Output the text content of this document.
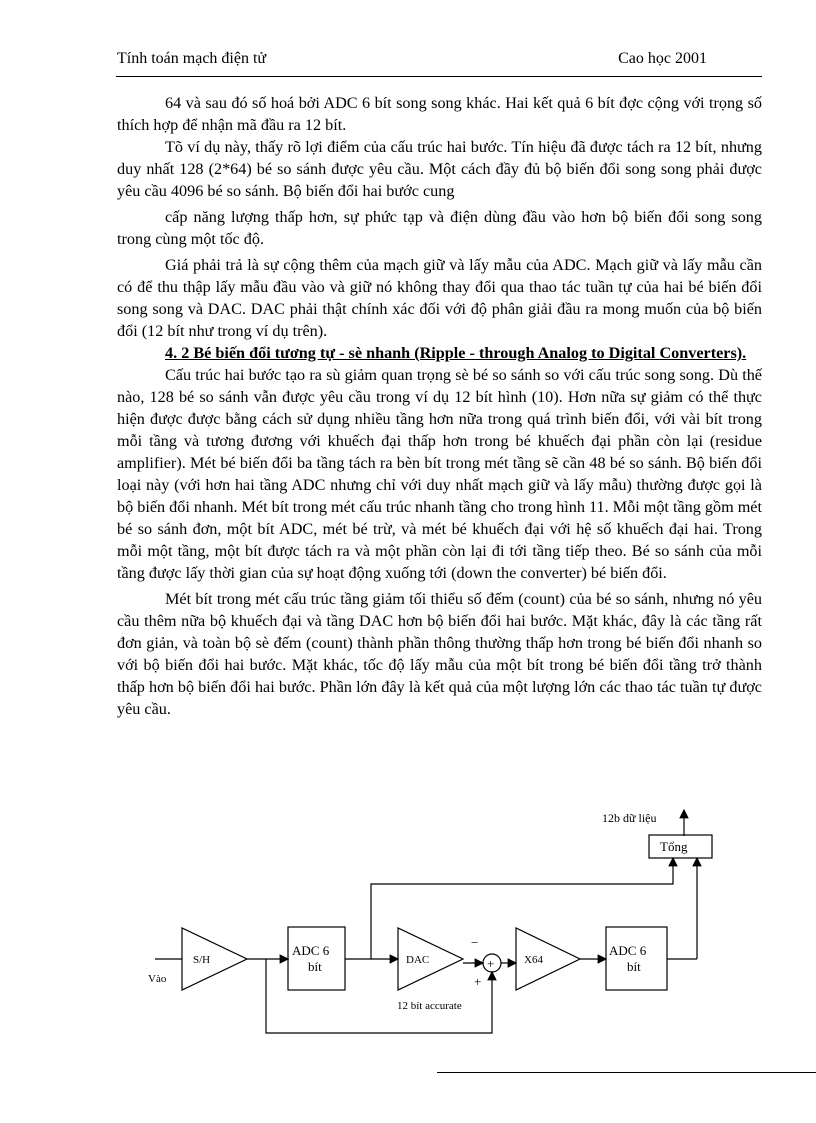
Tính toán mạch điện tử	Cao học 2001

64 và sau đó số hoá bởi ADC 6 bít song song khác. Hai kết quả 6 bít đợc cộng với trọng số thích hợp để nhận mã đầu ra 12 bít.

Tõ ví dụ này, thấy rõ lợi điểm của cấu trúc hai bước. Tín hiệu đã được tách ra 12 bít, nhưng duy nhất 128 (2*64) bé so sánh được yêu cầu. Một cách đầy đủ bộ biến đổi song song phải được yêu cầu 4096 bé so sánh. Bộ biến đổi hai bước cung

cấp năng lượng thấp hơn, sự phức tạp và điện dùng đầu vào hơn bộ biến đổi song song trong cùng một tốc độ.

Giá phải trả là sự cộng thêm của mạch giữ và lấy mẫu của ADC. Mạch giữ và lấy mẫu cần có để thu thập lấy mẫu đầu vào và giữ nó không thay đổi qua thao tác tuần tự của hai bé biến đổi song song và DAC. DAC phải thật chính xác đối với độ phân giải đầu ra mong muốn của bộ biến đổi (12 bít như trong ví dụ trên).

4. 2 Bé biến đổi tương tự - sè nhanh (Ripple - through Analog to Digital Converters).

Cấu trúc hai bước tạo ra sù giảm quan trọng sè bé so sánh so với cấu trúc song song. Dù thế nào, 128 bé so sánh vẫn được yêu cầu trong ví dụ 12 bít hình (10). Hơn nữa sự giảm có thể thực hiện được được bằng cách sử dụng nhiều tầng hơn nữa trong quá trình biến đổi, với vài bít trong mỗi tầng và tương đương với khuếch đại thấp hơn trong bé khuếch đại phần còn lại (residue amplifier). Mét bé biến đổi ba tầng tách ra bèn bít trong mét tầng sẽ cần 48 bé so sánh. Bộ biến đổi loại này (với hơn hai tầng ADC nhưng chỉ với duy nhất mạch giữ và lấy mẫu) thường được gọi là bộ biến đổi nhanh. Mét bít trong mét cấu trúc nhanh tầng cho trong hình 11. Mỗi một tầng gồm mét bé so sánh đơn, một bít ADC, mét bé trừ, và mét bé khuếch đại với hệ số khuếch đại hai. Trong mỗi một tầng, một bít được tách ra và một phần còn lại đi tới tầng tiếp theo. Bé so sánh của mỗi tầng được lấy thời gian của sự hoạt động xuống tới (down the converter) bé biến đổi.

Mét bít trong mét cấu trúc tầng giảm tối thiểu số đếm (count) của bé so sánh, nhưng nó yêu cầu thêm nữa bộ khuếch đại và tầng DAC hơn bộ biến đổi hai bước. Mặt khác, đây là các tầng rất đơn giản, và toàn bộ sè đếm (count) thành phần thông thường thấp hơn trong bé biến đổi nhanh so với bộ biến đổi hai bước. Mặt khác, tốc độ lấy mẫu của một bít trong bé biến đổi tầng trở thành thấp hơn bộ biến đổi hai bước. Phần lớn đây là kết quả của một lượng lớn các thao tác tuần tự được yêu cầu.

12b dữ liệu
Tổng
Vào
S/H
ADC 6
bít	DAC
−
+
+
12 bít accurate
X64
ADC 6
bít
